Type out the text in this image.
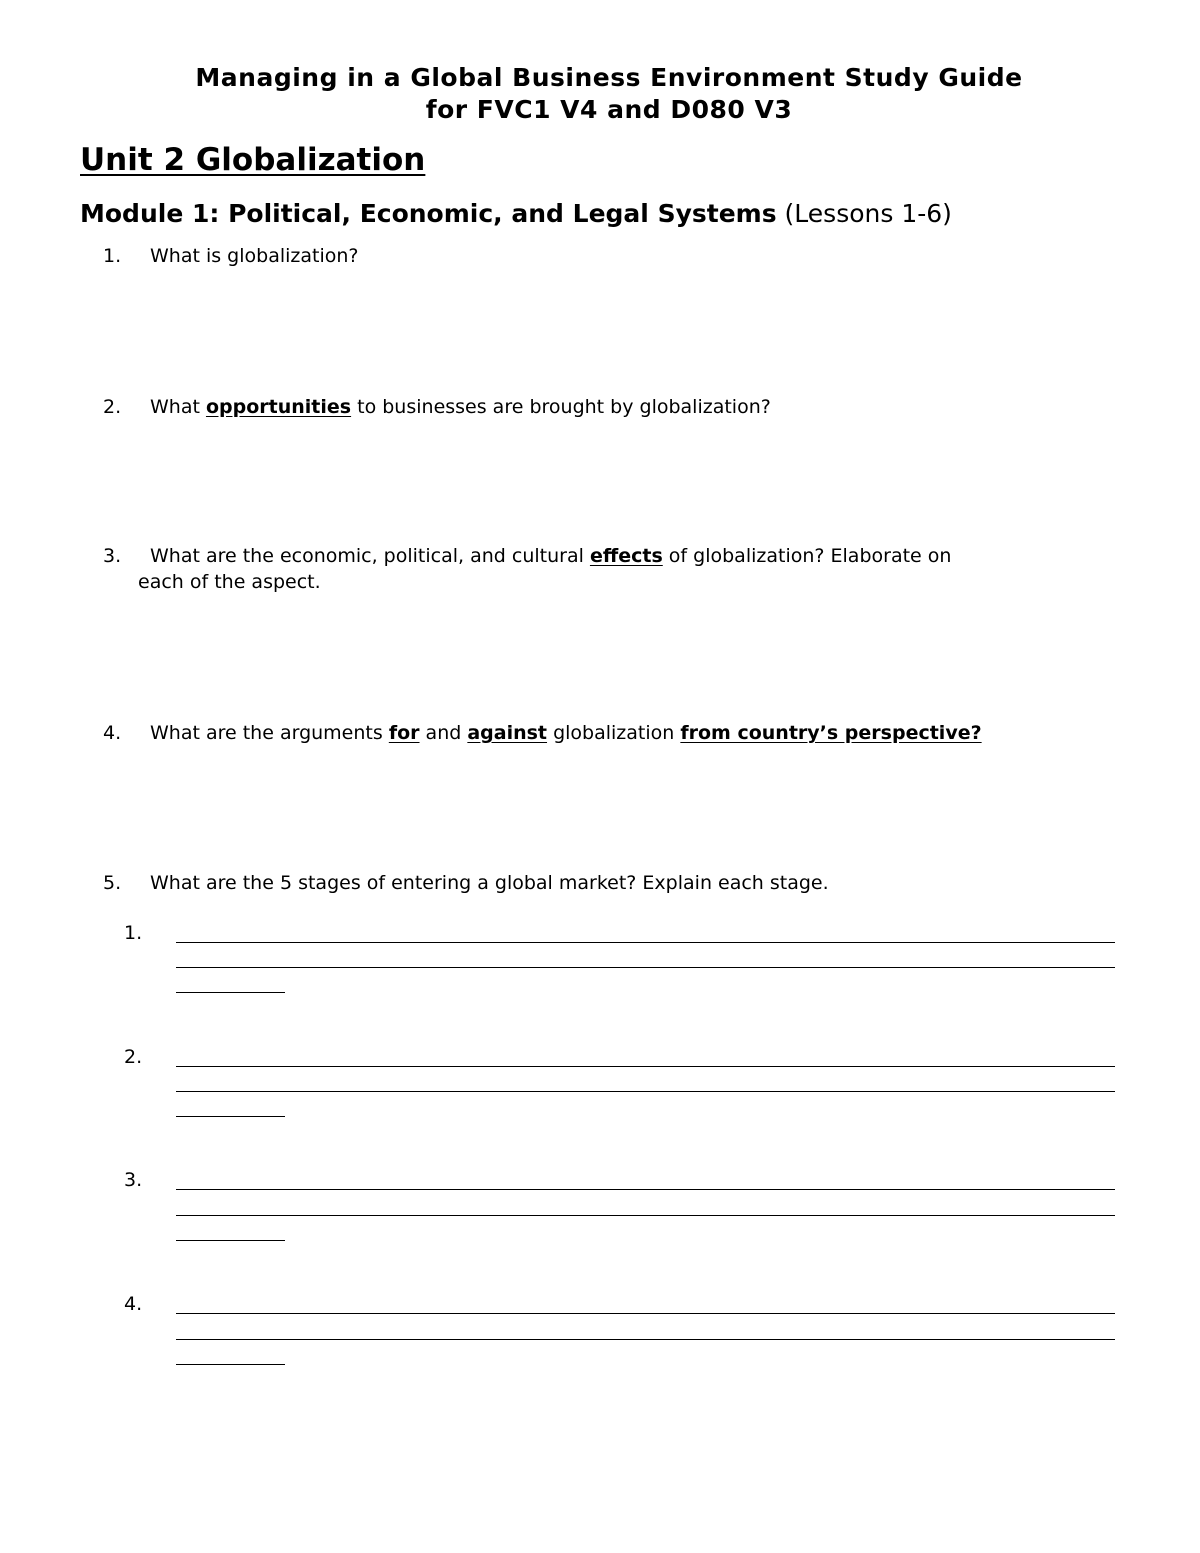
Managing in a Global Business Environment Study Guide
for FVC1 V4 and D080 V3
Unit 2 Globalization
Module 1: Political, Economic, and Legal Systems (Lessons 1-6)
1. What is globalization?
2. What opportunities to businesses are brought by globalization?
3. What are the economic, political, and cultural effects of globalization? Elaborate on
each of the aspect.
4. What are the arguments for and against globalization from country’s perspective?
5. What are the 5 stages of entering a global market? Explain each stage.
1.
2.
3.
4.
